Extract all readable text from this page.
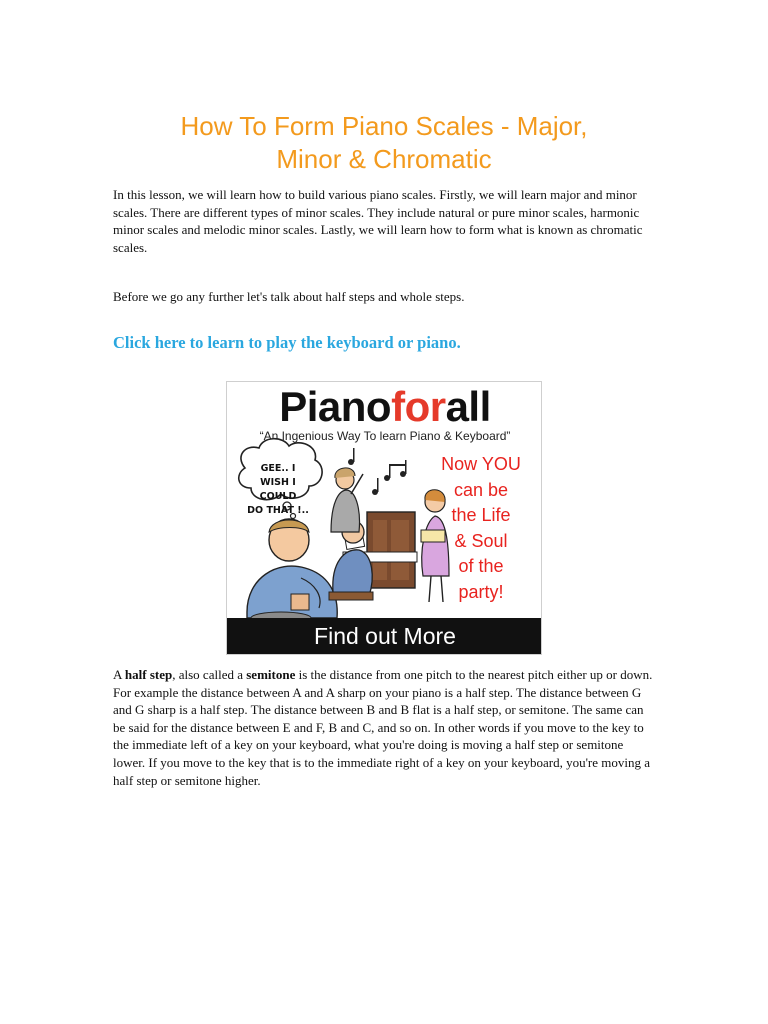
How To Form Piano Scales - Major,
Minor & Chromatic

In this lesson, we will learn how to build various piano scales. Firstly, we will learn major and minor scales. There are different types of minor scales. They include natural or pure minor scales, harmonic minor scales and melodic minor scales. Lastly, we will learn how to form what is known as chromatic scales.

Before we go any further let's talk about half steps and whole steps.

Click here to learn to play the keyboard or piano.
Pianoforall
“An Ingenious Way To learn Piano & Keyboard”
GEE.. I
WISH I COULD
DO THAT !..
Now YOU
can be
the Life
& Soul
of the
party!
Find out More

A half step, also called a semitone is the distance from one pitch to the nearest pitch either up or down. For example the distance between A and A sharp on your piano is a half step. The distance between G and G sharp is a half step. The distance between B and B flat is a half step, or semitone. The same can be said for the distance between E and F, B and C, and so on. In other words if you move to the key to the immediate left of a key on your keyboard, what you're doing is moving a half step or semitone lower. If you move to the key that is to the immediate right of a key on your keyboard, you're moving a half step or semitone higher.
